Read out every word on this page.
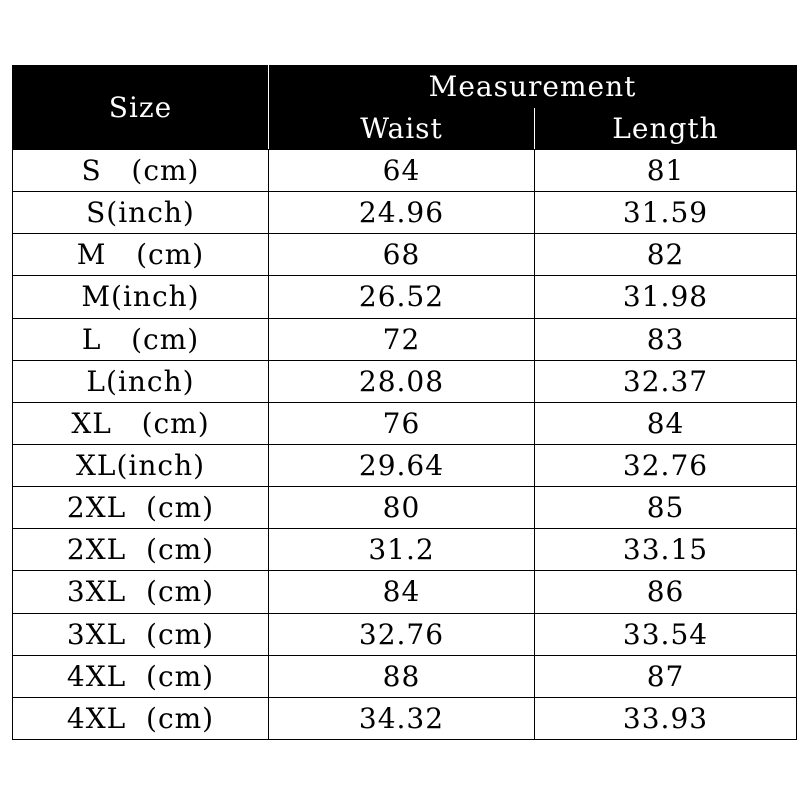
Size	Measurement	
	Waist	Length
S   (cm)	64	81
S(inch)	24.96	31.59
M   (cm)	68	82
M(inch)	26.52	31.98
L   (cm)	72	83
L(inch)	28.08	32.37
XL   (cm)	76	84
XL(inch)	29.64	32.76
2XL  (cm)	80	85
2XL  (cm)	31.2	33.15
3XL  (cm)	84	86
3XL  (cm)	32.76	33.54
4XL  (cm)	88	87
4XL  (cm)	34.32	33.93
